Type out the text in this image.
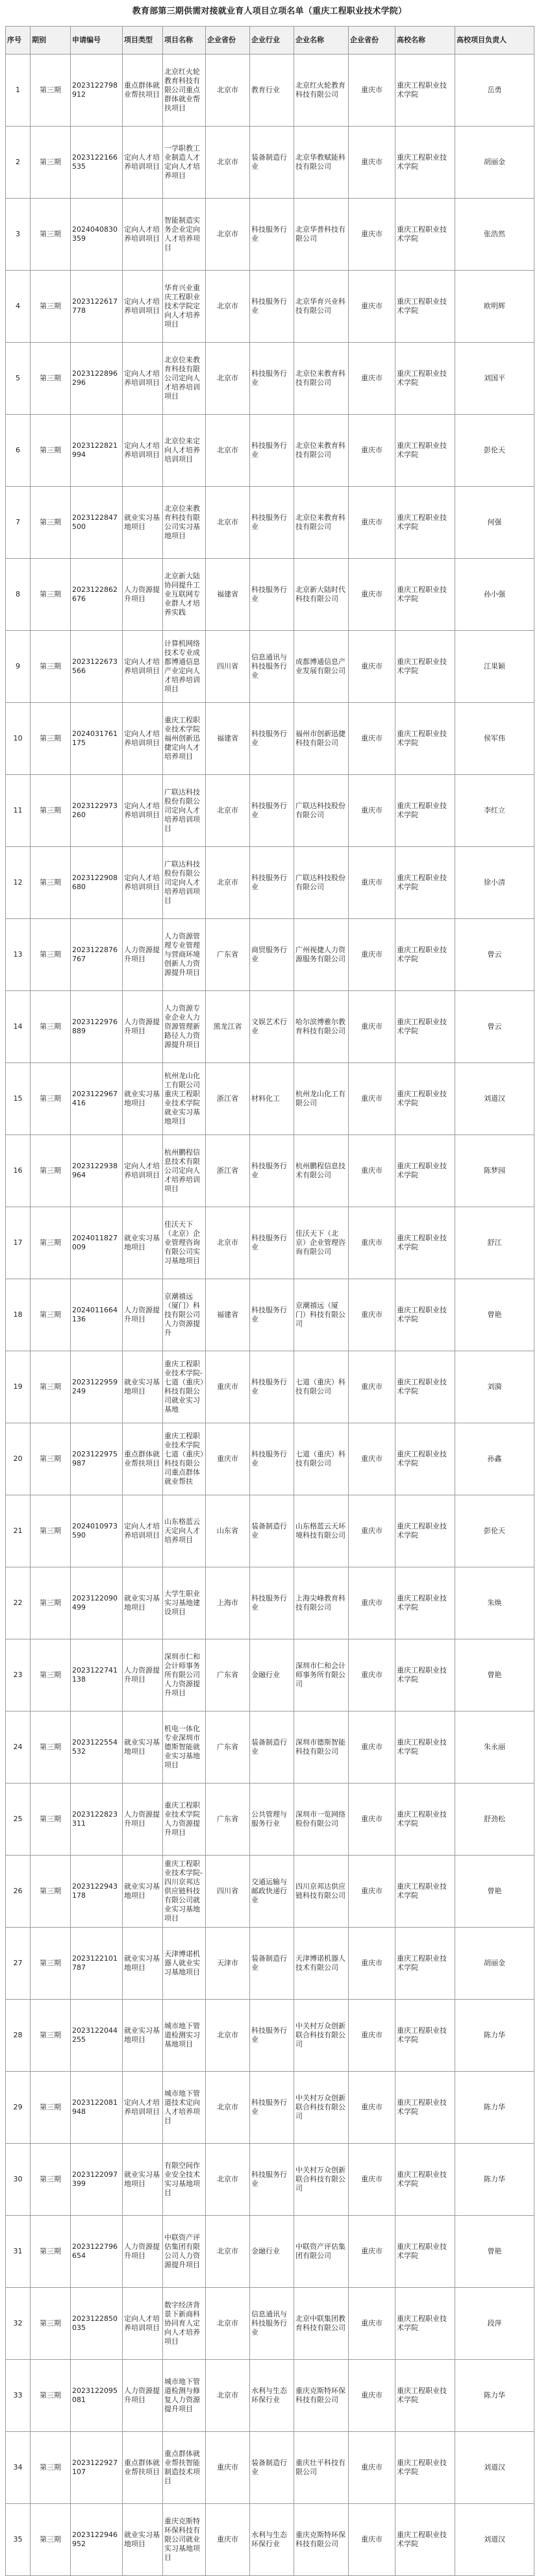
教育部第三期供需对接就业育人项目立项名单（重庆工程职业技术学院）
序号	期别	申请编号	项目类型	项目名称	企业省份	企业行业	企业名称	企业省份	高校名称	高校项目负责人
1	第三期	2023122798912	重点群体就业帮扶项目	北京红火轮教育科技有限公司重点群体就业帮扶项目	北京市	教育行业	北京红火轮教育科技有限公司	重庆市	重庆工程职业技术学院	岳勇
2	第三期	2023122166535	定向人才培养培训项目	一学职教工业制造人才定向人才培养项目	北京市	装备制造行业	北京华教赋能科技有限公司	重庆市	重庆工程职业技术学院	胡丽金
3	第三期	2024040830359	定向人才培养培训项目	智能制造实务企业定向人才培养项目	北京市	科技服务行业	北京华普科技有限公司	重庆市	重庆工程职业技术学院	张浩然
4	第三期	2023122617778	定向人才培养培训项目	华育兴业重庆工程职业技术学院定向人才培养项目	北京市	科技服务行业	北京华育兴业科技有限公司	重庆市	重庆工程职业技术学院	欧明辉
5	第三期	2023122896296	定向人才培养培训项目	北京位来教育科技有限公司定向人才培养培训项目	北京市	科技服务行业	北京位来教育科技有限公司	重庆市	重庆工程职业技术学院	刘国平
6	第三期	2023122821994	定向人才培养培训项目	北京位来定向人才培养培训项目	北京市	科技服务行业	北京位来教育科技有限公司	重庆市	重庆工程职业技术学院	彭伦天
7	第三期	2023122847500	就业实习基地项目	北京位来教育科技有限公司实习基地项目	北京市	科技服务行业	北京位来教育科技有限公司	重庆市	重庆工程职业技术学院	何强
8	第三期	2023122862676	人力资源提升项目	北京新大陆协同提升工业互联网专业群人才培养实践	福建省	科技服务行业	北京新大陆时代科技有限公司	重庆市	重庆工程职业技术学院	孙小强
9	第三期	2023122673566	定向人才培养培训项目	计算机网络技术专业成都博通信息产业定向人才培养培训项目	四川省	信息通讯与科技服务行业	成都博通信息产业发展有限公司	重庆市	重庆工程职业技术学院	江果颖
10	第三期	2024031761175	定向人才培养培训项目	重庆工程职业技术学院福州创新迅捷定向人才培养项目	福建省	科技服务行业	福州市创新迅捷科技有限公司	重庆市	重庆工程职业技术学院	侯军伟
11	第三期	2023122973260	定向人才培养培训项目	广联达科技股份有限公司定向人才培养培训项目	北京市	科技服务行业	广联达科技股份有限公司	重庆市	重庆工程职业技术学院	李红立
12	第三期	2023122908680	定向人才培养培训项目	广联达科技股份有限公司定向人才培养培训项目	北京市	科技服务行业	广联达科技股份有限公司	重庆市	重庆工程职业技术学院	徐小清
13	第三期	2023122876767	人力资源提升项目	人力资源管理专业管理与营商环境创新人力资源提升项目	广东省	商贸服务行业	广州视捷人力资源服务有限公司	重庆市	重庆工程职业技术学院	曾云
14	第三期	2023122976889	人力资源提升项目	人力资源专业企业人力资源管理新路径人力资源提升项目	黑龙江省	文娱艺术行业	哈尔滨博雅尔教育科技有限公司	重庆市	重庆工程职业技术学院	曾云
15	第三期	2023122967416	就业实习基地项目	杭州龙山化工有限公司重庆工程职业技术学院就业实习基地项目	浙江省	材料化工	杭州龙山化工有限公司	重庆市	重庆工程职业技术学院	刘道汉
16	第三期	2023122938964	定向人才培养培训项目	杭州鹏程信息技术有限公司定向人才培养培训项目	浙江省	科技服务行业	杭州鹏程信息技术有限公司	重庆市	重庆工程职业技术学院	陈梦园
17	第三期	2024011827009	就业实习基地项目	佳沃天下（北京）企业管理咨询有限公司实习基地项目	北京市	科技服务行业	佳沃天下（北京）企业管理咨询有限公司	重庆市	重庆工程职业技术学院	舒江
18	第三期	2024011664136	人力资源提升项目	京潮禧远（厦门）科技有限公司人力资源提升	福建省	科技服务行业	京潮禧远（厦门）科技有限公司	重庆市	重庆工程职业技术学院	曾艳
19	第三期	2023122959249	就业实习基地项目	重庆工程职业技术学院-七道（重庆）科技有限公司就业实习基地	重庆市	科技服务行业	七道（重庆）科技有限公司	重庆市	重庆工程职业技术学院	刘漪
20	第三期	2023122975987	重点群体就业帮扶项目	重庆工程职业技术学院七道（重庆）科技有限公司重点群体就业帮扶	重庆市	科技服务行业	七道（重庆）科技有限公司	重庆市	重庆工程职业技术学院	孙鑫
21	第三期	2024010973590	定向人才培养培训项目	山东格蓝云天定向人才培养项目	山东省	装备制造行业	山东格蓝云天环境科技有限公司	重庆市	重庆工程职业技术学院	彭伦天
22	第三期	2023122090499	就业实习基地项目	大学生职业实习基地建设项目	上海市	科技服务行业	上海尖峰教育科技有限公司	重庆市	重庆工程职业技术学院	朱焕
23	第三期	2023122741138	人力资源提升项目	深圳市仁和会计师事务所有限公司人力资源提升项目	广东省	金融行业	深圳市仁和会计师事务所有限公司	重庆市	重庆工程职业技术学院	曾艳
24	第三期	2023122554532	就业实习基地项目	机电一体化专业深圳市德斯智能就业实习基地项目	广东省	装备制造行业	深圳市德斯智能科技有限公司	重庆市	重庆工程职业技术学院	朱永丽
25	第三期	2023122823311	人力资源提升项目	重庆工程职业技术学院人力资源提升项目	广东省	公共管理与服务行业	深圳市一览网络股份有限公司	重庆市	重庆工程职业技术学院	舒劲松
26	第三期	2023122943178	就业实习基地项目	重庆工程职业技术学院-四川京邦达供应链科技有限公司就业实习基地项目	四川省	交通运输与邮政快递行业	四川京邦达供应链科技有限公司	重庆市	重庆工程职业技术学院	曾艳
27	第三期	2023122101787	就业实习基地项目	天津博诺机器人就业实习基地项目	天津市	装备制造行业	天津博诺机器人技术有限公司	重庆市	重庆工程职业技术学院	胡丽金
28	第三期	2023122044255	就业实习基地项目	城市地下管道检测实习基地项目	北京市	科技服务行业	中关村万众创新联合科技有限公司	重庆市	重庆工程职业技术学院	陈力华
29	第三期	2023122081948	定向人才培养培训项目	城市地下管道技术定向人才培养项目	北京市	科技服务行业	中关村万众创新联合科技有限公司	重庆市	重庆工程职业技术学院	陈力华
30	第三期	2023122097399	就业实习基地项目	有限空间作业安全技术实习基地项目	北京市	科技服务行业	中关村万众创新联合科技有限公司	重庆市	重庆工程职业技术学院	陈力华
31	第三期	2023122796654	人力资源提升项目	中联资产评估集团有限公司人力资源提升项目	北京市	金融行业	中联资产评估集团有限公司	重庆市	重庆工程职业技术学院	曾艳
32	第三期	2023122850035	定向人才培养培训项目	数字经济背景下新商科协同育人定向人才培养项目	北京市	信息通讯与科技服务行业	北京中联集团教育科技有限公司	重庆市	重庆工程职业技术学院	段萍
33	第三期	2023122095081	人力资源提升项目	城市地下管道检测与修复人力资源提升项目	北京市	水利与生态环保行业	重庆克斯特环保科技有限公司	重庆市	重庆工程职业技术学院	陈力华
34	第三期	2023122927107	重点群体就业帮扶项目	重点群体就业帮扶智能制造技术项目	重庆市	装备制造行业	重庆壮平科技有限公司	重庆市	重庆工程职业技术学院	刘道汉
35	第三期	2023122946952	就业实习基地项目	重庆克斯特环保科技有限公司就业实习基地项目	重庆市	水利与生态环保行业	重庆克斯特环保科技有限公司	重庆市	重庆工程职业技术学院	刘道汉
